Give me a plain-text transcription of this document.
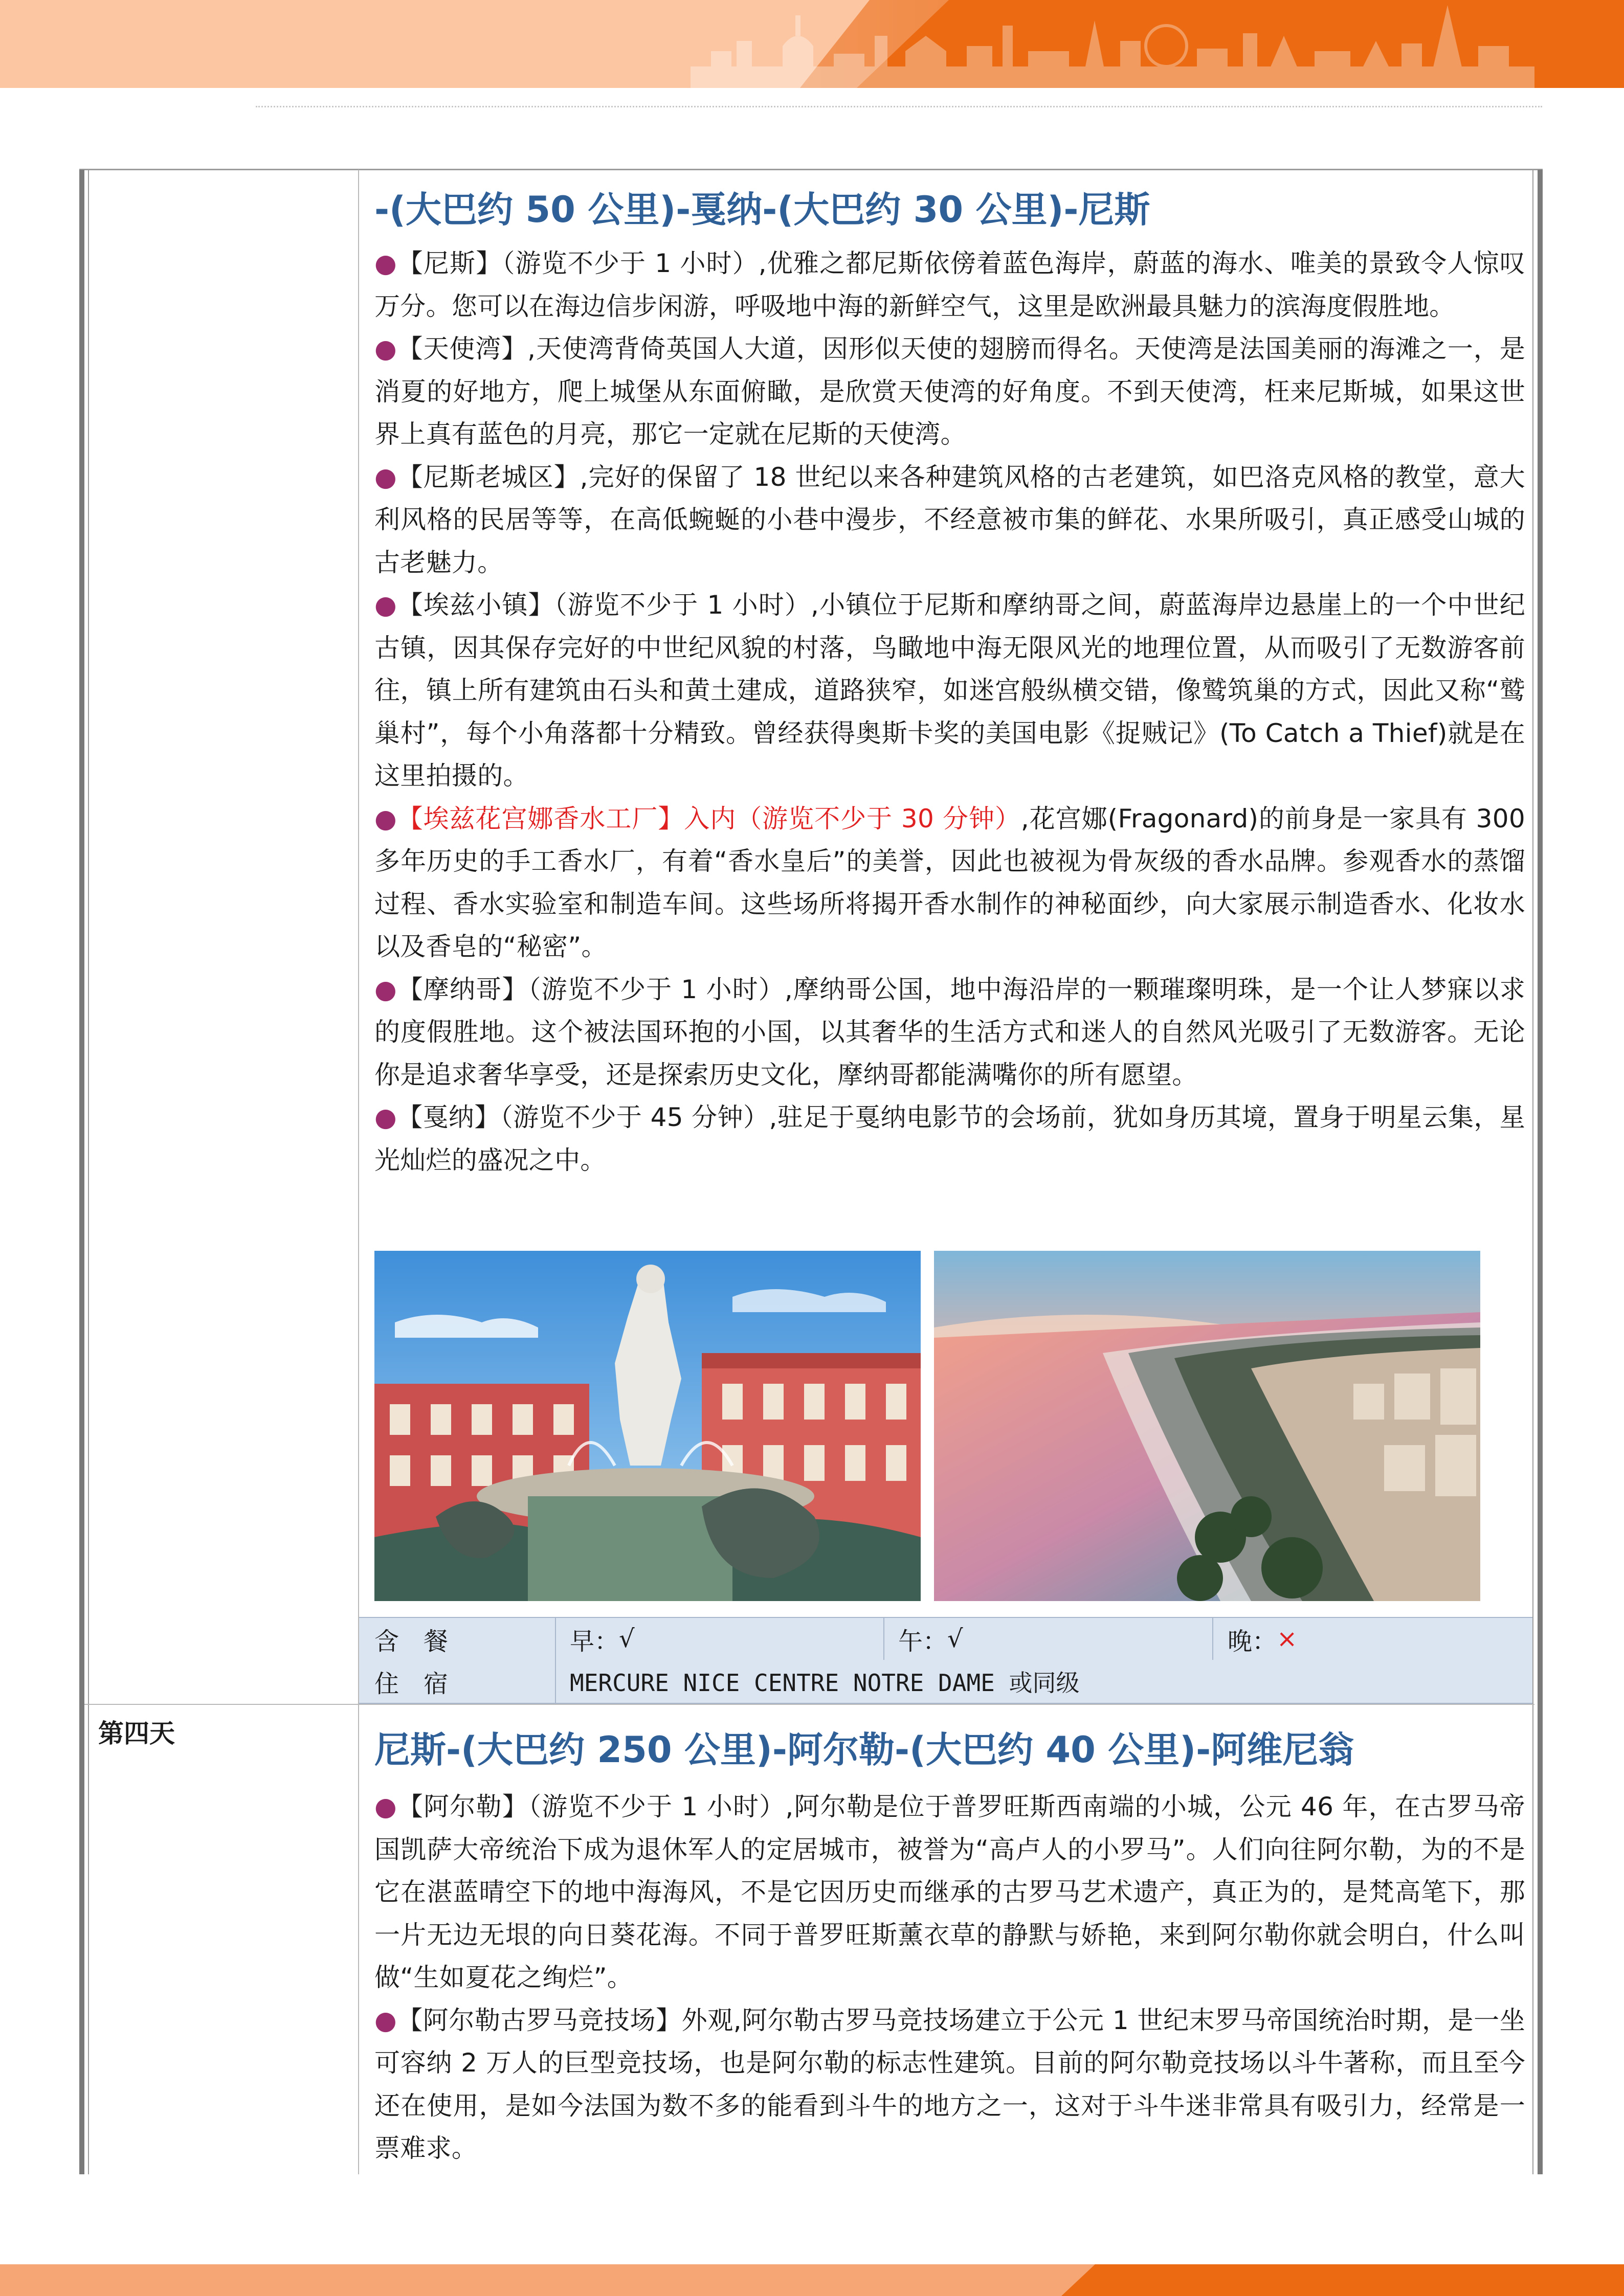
-(大巴约 50 公里)-戛纳-(大巴约 30 公里)-尼斯

●【尼斯】（游览不少于 1 小时）,优雅之都尼斯依傍着蓝色海岸，蔚蓝的海水、唯美的景致令人惊叹万分。您可以在海边信步闲游，呼吸地中海的新鲜空气，这里是欧洲最具魅力的滨海度假胜地。

●【天使湾】,天使湾背倚英国人大道，因形似天使的翅膀而得名。天使湾是法国美丽的海滩之一，是消夏的好地方，爬上城堡从东面俯瞰，是欣赏天使湾的好角度。不到天使湾，枉来尼斯城，如果这世界上真有蓝色的月亮，那它一定就在尼斯的天使湾。

●【尼斯老城区】,完好的保留了 18 世纪以来各种建筑风格的古老建筑，如巴洛克风格的教堂，意大利风格的民居等等，在高低蜿蜒的小巷中漫步，不经意被市集的鲜花、水果所吸引，真正感受山城的古老魅力。

●【埃兹小镇】（游览不少于 1 小时）,小镇位于尼斯和摩纳哥之间，蔚蓝海岸边悬崖上的一个中世纪古镇，因其保存完好的中世纪风貌的村落，鸟瞰地中海无限风光的地理位置，从而吸引了无数游客前往，镇上所有建筑由石头和黄土建成，道路狭窄，如迷宫般纵横交错，像鹫筑巢的方式，因此又称“鹫巢村”，每个小角落都十分精致。曾经获得奥斯卡奖的美国电影《捉贼记》(To Catch a Thief)就是在这里拍摄的。

●【埃兹花宫娜香水工厂】入内（游览不少于 30 分钟）,花宫娜(Fragonard)的前身是一家具有 300 多年历史的手工香水厂，有着“香水皇后”的美誉，因此也被视为骨灰级的香水品牌。参观香水的蒸馏过程、香水实验室和制造车间。这些场所将揭开香水制作的神秘面纱，向大家展示制造香水、化妆水以及香皂的“秘密”。

●【摩纳哥】（游览不少于 1 小时）,摩纳哥公国，地中海沿岸的一颗璀璨明珠，是一个让人梦寐以求的度假胜地。这个被法国环抱的小国，以其奢华的生活方式和迷人的自然风光吸引了无数游客。无论你是追求奢华享受，还是探索历史文化，摩纳哥都能满嘴你的所有愿望。

●【戛纳】（游览不少于 45 分钟）,驻足于戛纳电影节的会场前，犹如身历其境，置身于明星云集，星光灿烂的盛况之中。

含　餐	早： √	午： √	晚： ×
住　宿	MERCURE NICE CENTRE NOTRE DAME 或同级
第四天	尼斯-(大巴约 250 公里)-阿尔勒-(大巴约 40 公里)-阿维尼翁

●【阿尔勒】（游览不少于 1 小时）,阿尔勒是位于普罗旺斯西南端的小城，公元 46 年，在古罗马帝国凯萨大帝统治下成为退休军人的定居城市，被誉为“高卢人的小罗马”。人们向往阿尔勒，为的不是它在湛蓝晴空下的地中海海风，不是它因历史而继承的古罗马艺术遗产，真正为的，是梵高笔下，那一片无边无垠的向日葵花海。不同于普罗旺斯薰衣草的静默与娇艳，来到阿尔勒你就会明白，什么叫做“生如夏花之绚烂”。

●【阿尔勒古罗马竞技场】外观,阿尔勒古罗马竞技场建立于公元 1 世纪末罗马帝国统治时期，是一坐可容纳 2 万人的巨型竞技场，也是阿尔勒的标志性建筑。目前的阿尔勒竞技场以斗牛著称，而且至今还在使用，是如今法国为数不多的能看到斗牛的地方之一，这对于斗牛迷非常具有吸引力，经常是一票难求。
